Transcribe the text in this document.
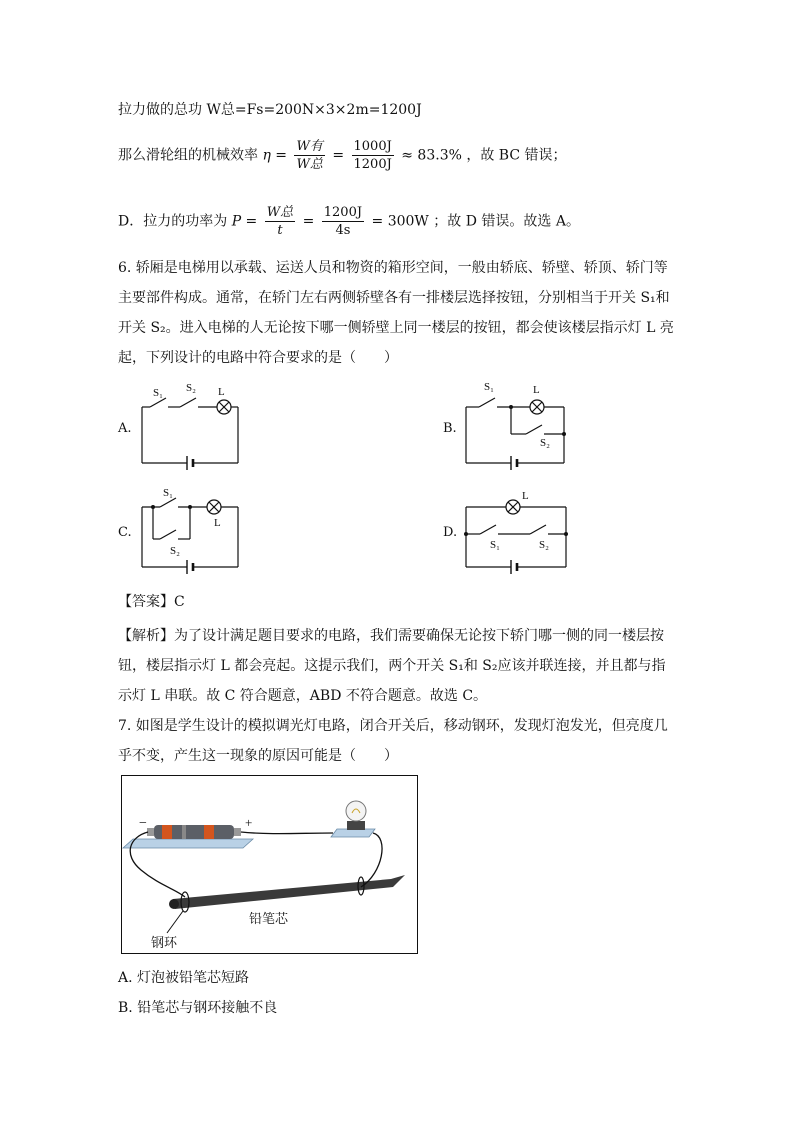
拉力做的总功 W总=Fs=200N×3×2m=1200J
那么滑轮组的机械效率 $\eta = \frac{\text{W有}}{\text{W总}} = \frac{1000J}{1200J} \approx 83.3\%$ ，故 BC 错误；
D．拉力的功率为 $P = \frac{\text{W总}}{t} = \frac{1200J}{4s} = 300W$ ；故 D 错误。故选 A。
6. 轿厢是电梯用以承载、运送人员和物资的箱形空间，一般由轿底、轿壁、轿顶、轿门等
主要部件构成。通常，在轿门左右两侧轿壁各有一排楼层选择按钮，分别相当于开关 S₁和
开关 S₂。进入电梯的人无论按下哪一侧轿壁上同一楼层的按钮，都会使该楼层指示灯 L 亮
起，下列设计的电路中符合要求的是（　　）
A.	B.
C.	D.
S₁ S₂ L	S₁	L
S₂
S₁
L
S₂
L
S₁	S₂
【答案】C
【解析】为了设计满足题目要求的电路，我们需要确保无论按下轿门哪一侧的同一楼层按
钮，楼层指示灯 L 都会亮起。这提示我们，两个开关 S₁和 S₂应该并联连接，并且都与指
示灯 L 串联。故 C 符合题意，ABD 不符合题意。故选 C。
7. 如图是学生设计的模拟调光灯电路，闭合开关后，移动钢环，发现灯泡发光，但亮度几
乎不变，产生这一现象的原因可能是（　　）
−	+
铅笔芯
钢环
A. 灯泡被铅笔芯短路
B. 铅笔芯与钢环接触不良
